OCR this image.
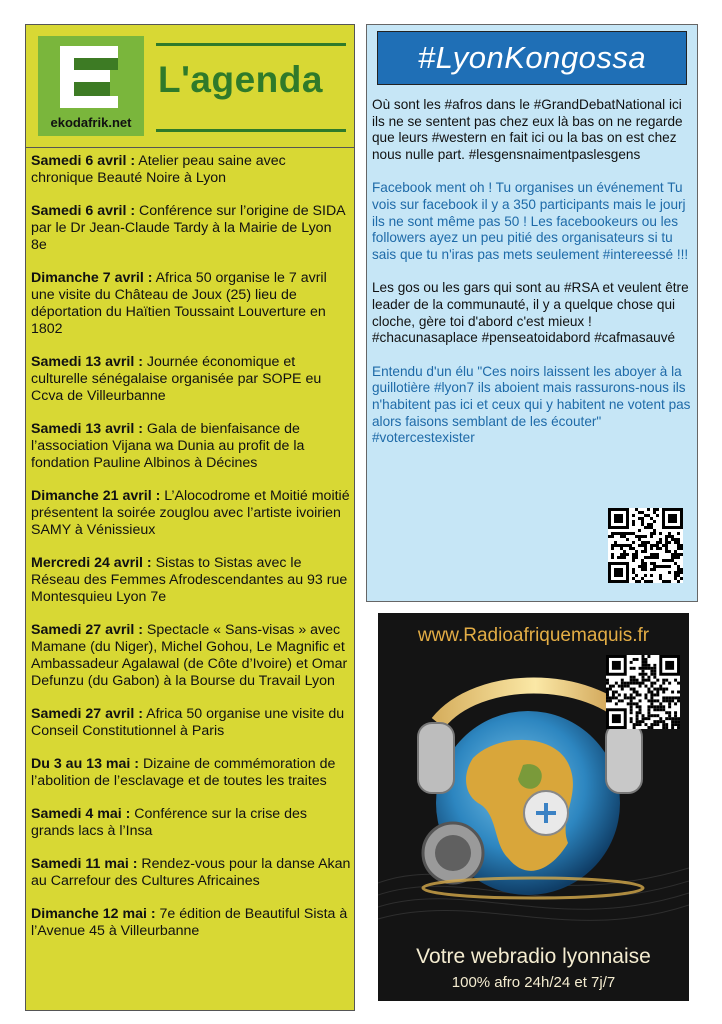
ekodafrik.net
L'agenda
Samedi 6 avril : Atelier peau saine avec chronique Beauté Noire à Lyon
Samedi 6 avril : Conférence sur l’origine de SIDA par le Dr Jean-Claude Tardy à la Mairie de Lyon 8e
Dimanche 7 avril : Africa 50 organise le 7 avril une visite du Château de Joux (25) lieu de déportation du Haïtien Toussaint Louverture en 1802
Samedi 13 avril : Journée économique et culturelle sénégalaise organisée par SOPE eu Ccva de Villeurbanne
Samedi 13 avril : Gala de bienfaisance de l’association Vijana wa Dunia au profit de la fondation Pauline Albinos à Décines
Dimanche 21 avril : L’Alocodrome et Moitié moitié présentent la soirée zouglou avec l’artiste ivoirien SAMY à Vénissieux
Mercredi 24 avril : Sistas to Sistas avec le Réseau des Femmes Afrodescendantes au 93 rue Montesquieu Lyon 7e
Samedi 27 avril : Spectacle « Sans-visas » avec Mamane (du Niger), Michel Gohou, Le Magnific et Ambassadeur Agalawal (de Côte d’Ivoire) et Omar Defunzu (du Gabon) à la Bourse du Travail Lyon
Samedi 27 avril : Africa 50 organise une visite du Conseil Constitutionnel à Paris
Du 3 au 13 mai : Dizaine de commémoration de l’abolition de l’esclavage et de toutes les traites
Samedi 4 mai : Conférence sur la crise des grands lacs à l’Insa
Samedi 11 mai : Rendez-vous pour la danse Akan au Carrefour des Cultures Africaines
Dimanche 12 mai : 7e édition de Beautiful Sista à l’Avenue 45 à Villeurbanne
#LyonKongossa
Où sont les #afros dans le #GrandDebatNational ici ils ne se sentent pas chez eux là bas on ne regarde que leurs #western en fait ici ou la bas on est chez nous nulle part. #lesgensnaimentpaslesgens
Facebook ment oh ! Tu organises un événement Tu vois sur facebook il y a 350 participants mais le jourj ils ne sont même pas 50 ! Les facebookeurs ou les followers ayez un peu pitié des organisateurs si tu sais que tu n'iras pas mets seulement #intereessé !!!
Les gos ou les gars qui sont au #RSA et veulent être leader de la communauté, il y a quelque chose qui cloche, gère toi d'abord c'est mieux ! #chacunasaplace #penseatoidabord #cafmasauvé
Entendu d'un élu "Ces noirs laissent les aboyer à la guillotière #lyon7 ils aboient mais rassurons-nous ils n'habitent pas ici et ceux qui y habitent ne votent pas alors faisons semblant de les écouter" #votercestexister
www.Radioafriquemaquis.fr
Votre webradio lyonnaise
100% afro 24h/24 et 7j/7
